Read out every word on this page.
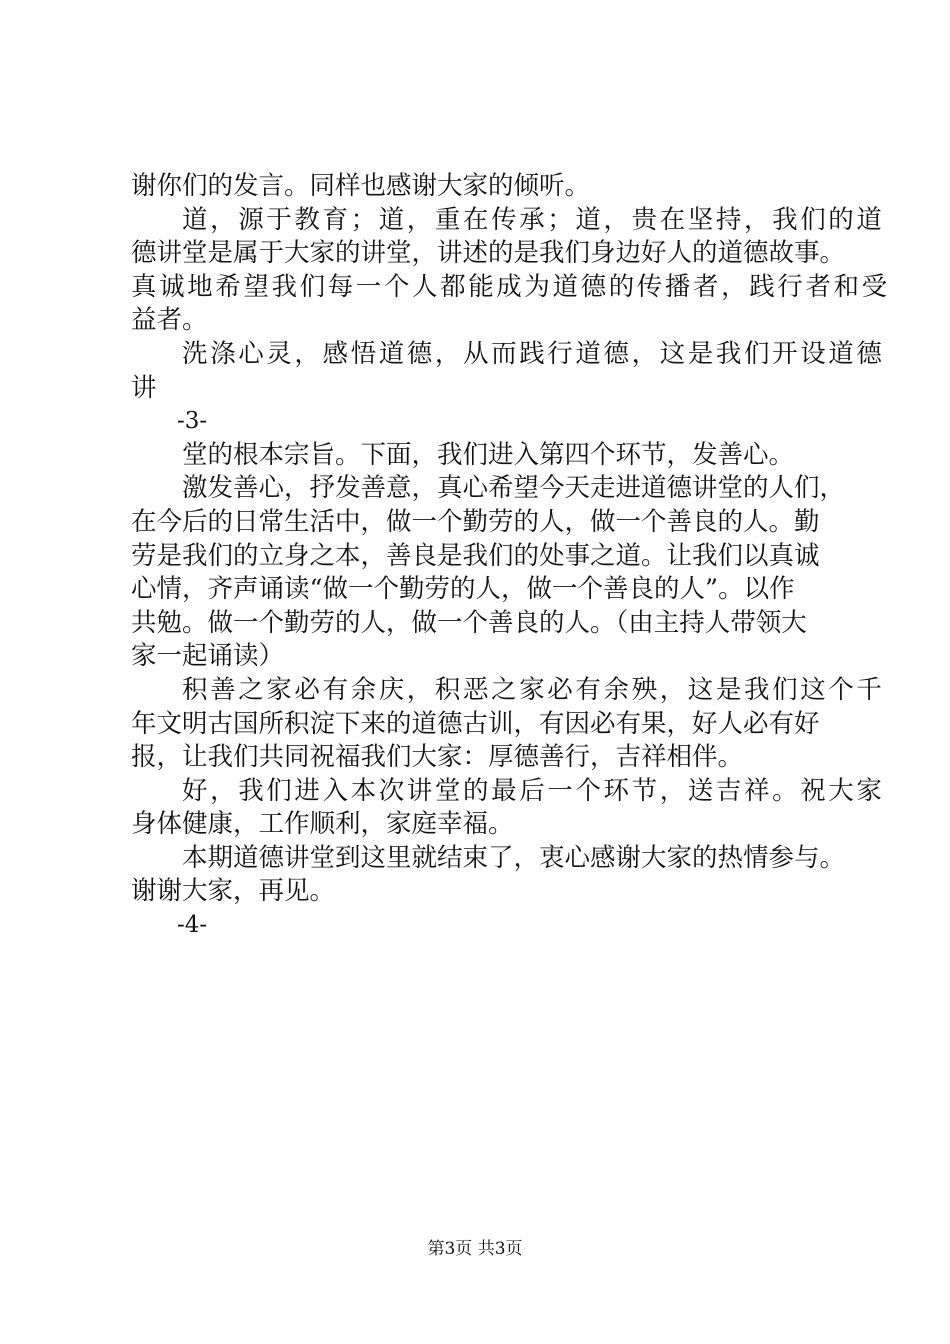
谢你们的发言。同样也感谢大家的倾听。
道，源于教育；道，重在传承；道，贵在坚持，我们的道
德讲堂是属于大家的讲堂，讲述的是我们身边好人的道德故事。
真诚地希望我们每一个人都能成为道德的传播者，践行者和受
益者。
洗涤心灵，感悟道德，从而践行道德，这是我们开设道德
讲
-3-
堂的根本宗旨。下面，我们进入第四个环节，发善心。
激发善心，抒发善意，真心希望今天走进道德讲堂的人们，
在今后的日常生活中，做一个勤劳的人，做一个善良的人。勤
劳是我们的立身之本，善良是我们的处事之道。让我们以真诚
心情，齐声诵读“做一个勤劳的人，做一个善良的人”。以作
共勉。做一个勤劳的人，做一个善良的人。（由主持人带领大
家一起诵读）
积善之家必有余庆，积恶之家必有余殃，这是我们这个千
年文明古国所积淀下来的道德古训，有因必有果，好人必有好
报，让我们共同祝福我们大家：厚德善行，吉祥相伴。
好，我们进入本次讲堂的最后一个环节，送吉祥。祝大家
身体健康，工作顺利，家庭幸福。
本期道德讲堂到这里就结束了，衷心感谢大家的热情参与。
谢谢大家，再见。
-4-
第3页 共3页
